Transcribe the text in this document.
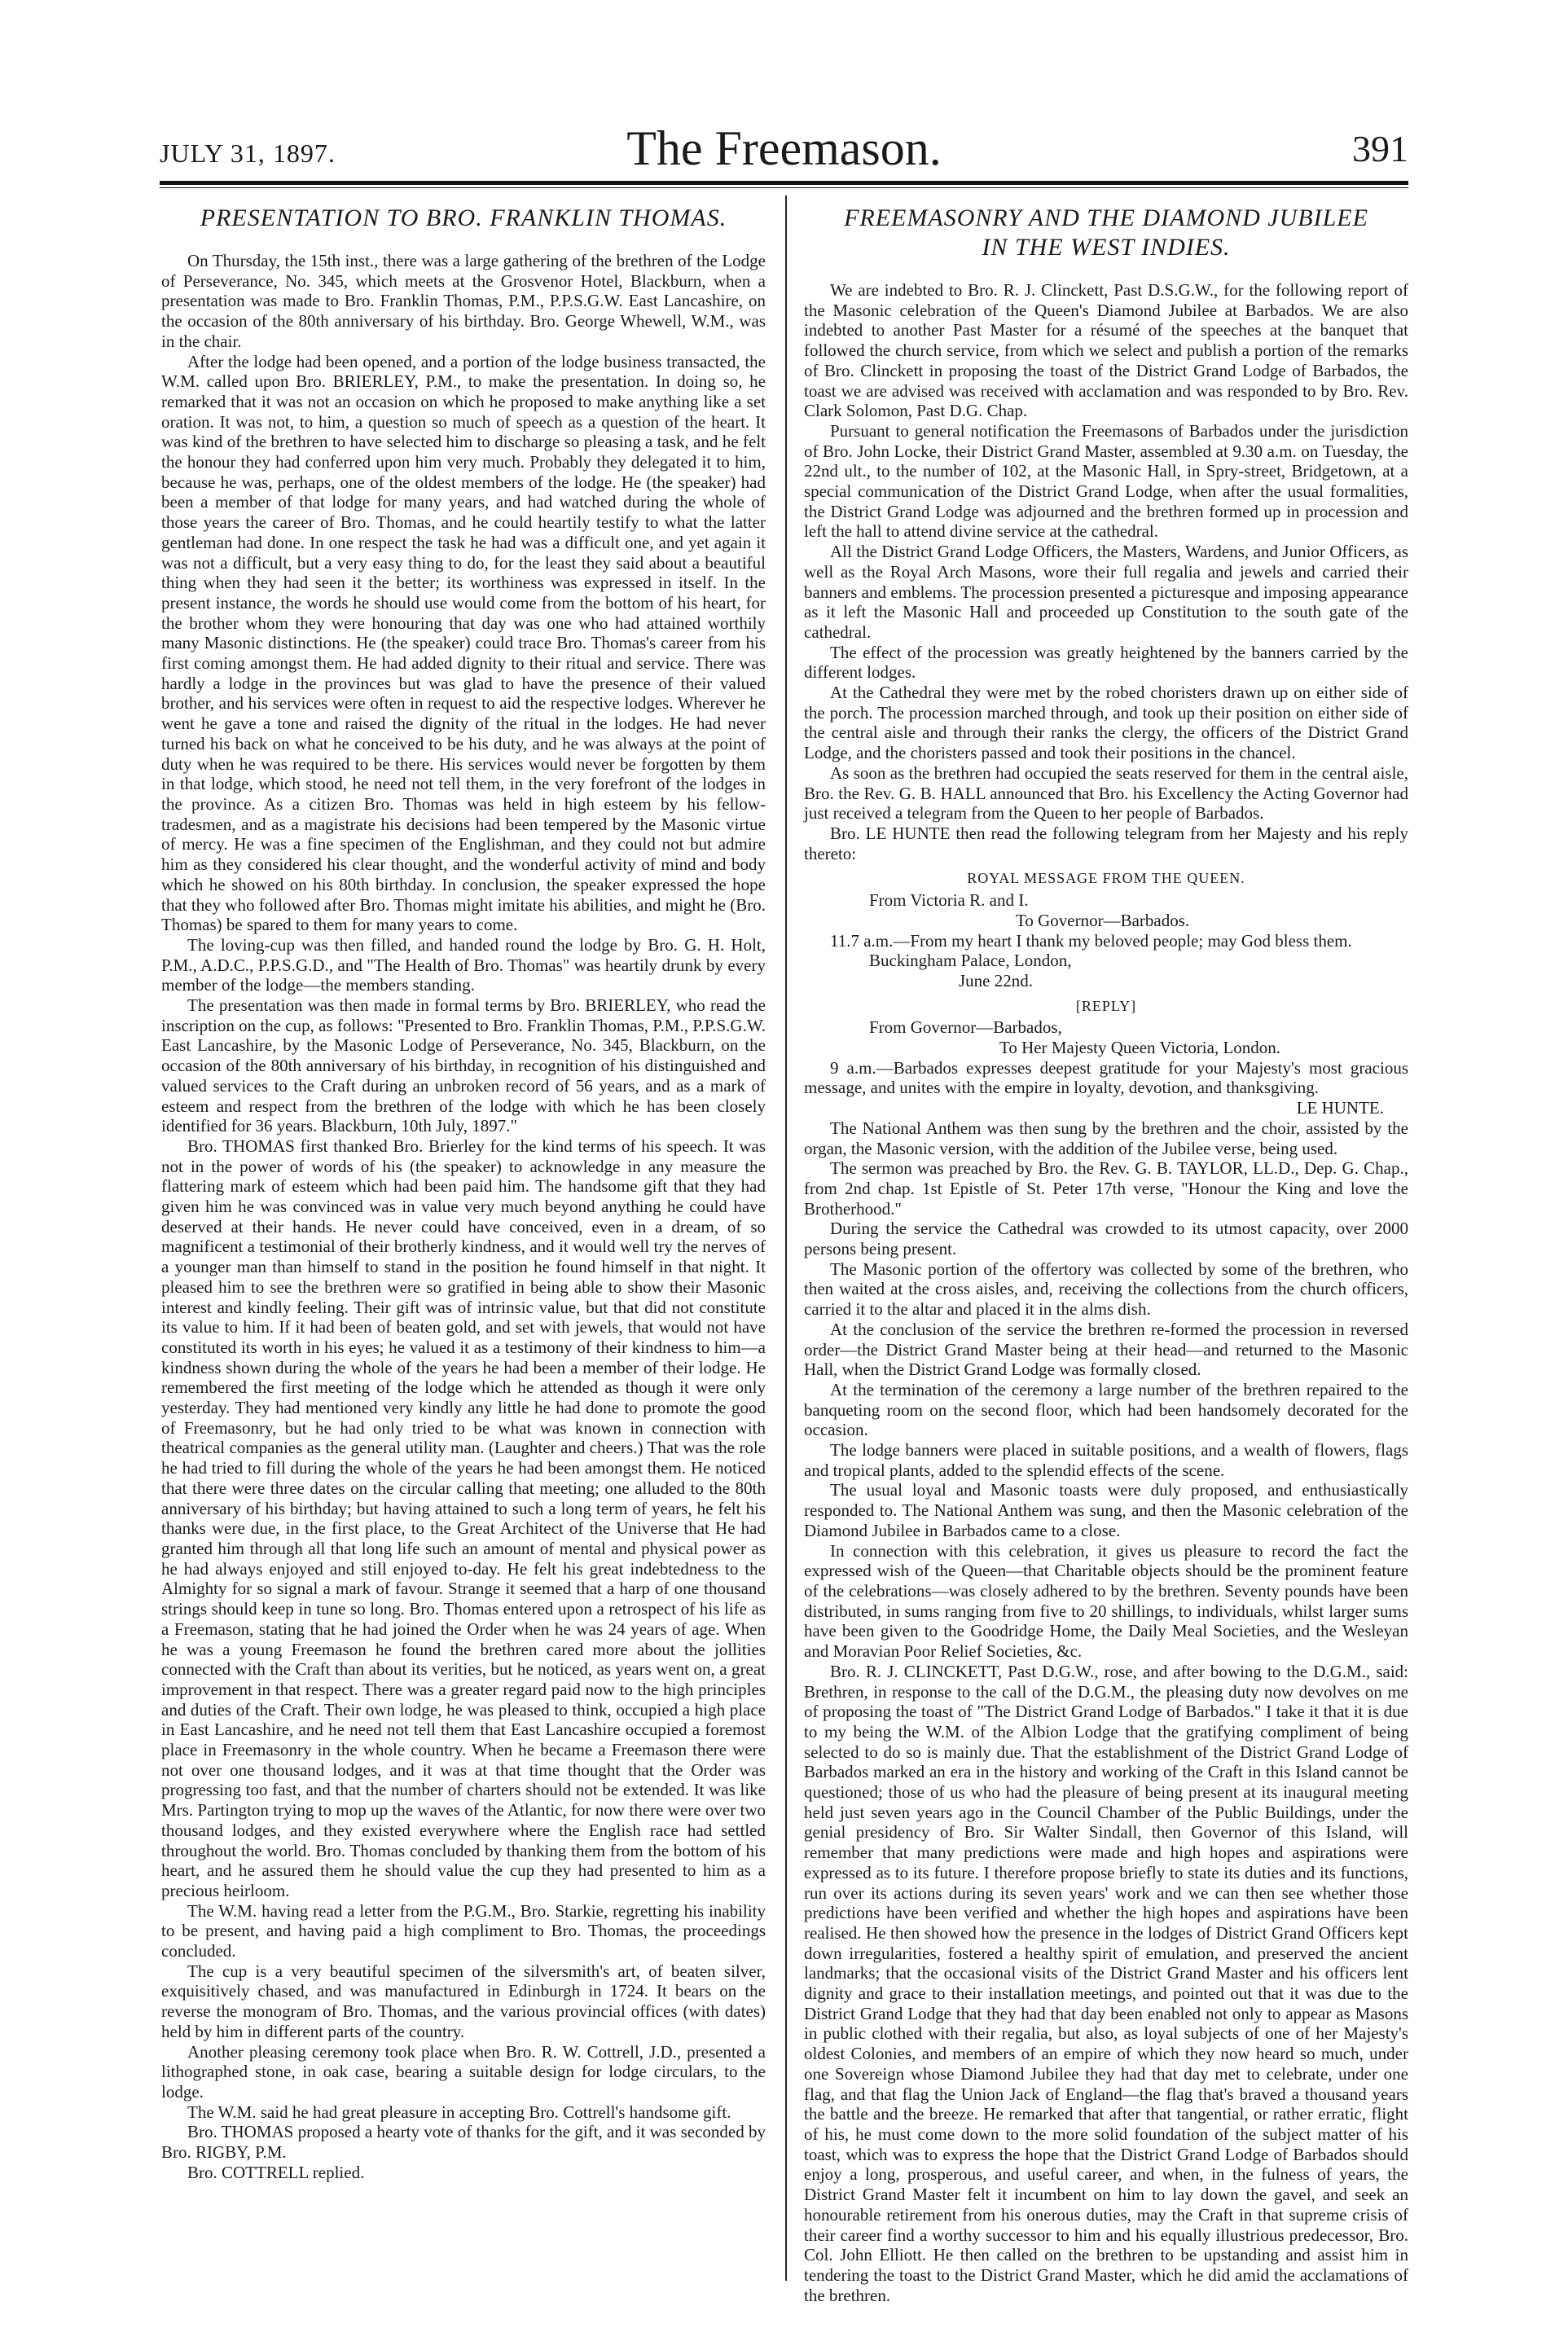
JULY 31, 1897.	The Freemason.	391
PRESENTATION TO BRO. FRANKLIN THOMAS.

On Thursday, the 15th inst., there was a large gathering of the brethren of the Lodge of Perseverance, No. 345, which meets at the Grosvenor Hotel, Blackburn, when a presentation was made to Bro. Franklin Thomas, P.M., P.P.S.G.W. East Lancashire, on the occasion of the 80th anniversary of his birthday. Bro. George Whewell, W.M., was in the chair.

After the lodge had been opened, and a portion of the lodge business transacted, the W.M. called upon Bro. BRIERLEY, P.M., to make the presentation. In doing so, he remarked that it was not an occasion on which he proposed to make anything like a set oration. It was not, to him, a question so much of speech as a question of the heart. It was kind of the brethren to have selected him to discharge so pleasing a task, and he felt the honour they had conferred upon him very much. Probably they delegated it to him, because he was, perhaps, one of the oldest members of the lodge. He (the speaker) had been a member of that lodge for many years, and had watched during the whole of those years the career of Bro. Thomas, and he could heartily testify to what the latter gentleman had done. In one respect the task he had was a difficult one, and yet again it was not a difficult, but a very easy thing to do, for the least they said about a beautiful thing when they had seen it the better; its worthiness was expressed in itself. In the present instance, the words he should use would come from the bottom of his heart, for the brother whom they were honouring that day was one who had attained worthily many Masonic distinctions. He (the speaker) could trace Bro. Thomas's career from his first coming amongst them. He had added dignity to their ritual and service. There was hardly a lodge in the provinces but was glad to have the presence of their valued brother, and his services were often in request to aid the respective lodges. Wherever he went he gave a tone and raised the dignity of the ritual in the lodges. He had never turned his back on what he conceived to be his duty, and he was always at the point of duty when he was required to be there. His services would never be forgotten by them in that lodge, which stood, he need not tell them, in the very forefront of the lodges in the province. As a citizen Bro. Thomas was held in high esteem by his fellow-tradesmen, and as a magistrate his decisions had been tempered by the Masonic virtue of mercy. He was a fine specimen of the Englishman, and they could not but admire him as they considered his clear thought, and the wonderful activity of mind and body which he showed on his 80th birthday. In conclusion, the speaker expressed the hope that they who followed after Bro. Thomas might imitate his abilities, and might he (Bro. Thomas) be spared to them for many years to come.

The loving-cup was then filled, and handed round the lodge by Bro. G. H. Holt, P.M., A.D.C., P.P.S.G.D., and "The Health of Bro. Thomas" was heartily drunk by every member of the lodge—the members standing.

The presentation was then made in formal terms by Bro. BRIERLEY, who read the inscription on the cup, as follows: "Presented to Bro. Franklin Thomas, P.M., P.P.S.G.W. East Lancashire, by the Masonic Lodge of Perseverance, No. 345, Blackburn, on the occasion of the 80th anniversary of his birthday, in recognition of his distinguished and valued services to the Craft during an unbroken record of 56 years, and as a mark of esteem and respect from the brethren of the lodge with which he has been closely identified for 36 years. Blackburn, 10th July, 1897."

Bro. THOMAS first thanked Bro. Brierley for the kind terms of his speech. It was not in the power of words of his (the speaker) to acknowledge in any measure the flattering mark of esteem which had been paid him. The handsome gift that they had given him he was convinced was in value very much beyond anything he could have deserved at their hands. He never could have conceived, even in a dream, of so magnificent a testimonial of their brotherly kindness, and it would well try the nerves of a younger man than himself to stand in the position he found himself in that night. It pleased him to see the brethren were so gratified in being able to show their Masonic interest and kindly feeling. Their gift was of intrinsic value, but that did not constitute its value to him. If it had been of beaten gold, and set with jewels, that would not have constituted its worth in his eyes; he valued it as a testimony of their kindness to him—a kindness shown during the whole of the years he had been a member of their lodge. He remembered the first meeting of the lodge which he attended as though it were only yesterday. They had mentioned very kindly any little he had done to promote the good of Freemasonry, but he had only tried to be what was known in connection with theatrical companies as the general utility man. (Laughter and cheers.) That was the role he had tried to fill during the whole of the years he had been amongst them. He noticed that there were three dates on the circular calling that meeting; one alluded to the 80th anniversary of his birthday; but having attained to such a long term of years, he felt his thanks were due, in the first place, to the Great Architect of the Universe that He had granted him through all that long life such an amount of mental and physical power as he had always enjoyed and still enjoyed to-day. He felt his great indebtedness to the Almighty for so signal a mark of favour. Strange it seemed that a harp of one thousand strings should keep in tune so long. Bro. Thomas entered upon a retrospect of his life as a Freemason, stating that he had joined the Order when he was 24 years of age. When he was a young Freemason he found the brethren cared more about the jollities connected with the Craft than about its verities, but he noticed, as years went on, a great improvement in that respect. There was a greater regard paid now to the high principles and duties of the Craft. Their own lodge, he was pleased to think, occupied a high place in East Lancashire, and he need not tell them that East Lancashire occupied a foremost place in Freemasonry in the whole country. When he became a Freemason there were not over one thousand lodges, and it was at that time thought that the Order was progressing too fast, and that the number of charters should not be extended. It was like Mrs. Partington trying to mop up the waves of the Atlantic, for now there were over two thousand lodges, and they existed everywhere where the English race had settled throughout the world. Bro. Thomas concluded by thanking them from the bottom of his heart, and he assured them he should value the cup they had presented to him as a precious heirloom.

The W.M. having read a letter from the P.G.M., Bro. Starkie, regretting his inability to be present, and having paid a high compliment to Bro. Thomas, the proceedings concluded.

The cup is a very beautiful specimen of the silversmith's art, of beaten silver, exquisitively chased, and was manufactured in Edinburgh in 1724. It bears on the reverse the monogram of Bro. Thomas, and the various provincial offices (with dates) held by him in different parts of the country.

Another pleasing ceremony took place when Bro. R. W. Cottrell, J.D., presented a lithographed stone, in oak case, bearing a suitable design for lodge circulars, to the lodge.

The W.M. said he had great pleasure in accepting Bro. Cottrell's handsome gift.

Bro. THOMAS proposed a hearty vote of thanks for the gift, and it was seconded by Bro. RIGBY, P.M.

Bro. COTTRELL replied.

FREEMASONRY AND THE DIAMOND JUBILEE
IN THE WEST INDIES.

We are indebted to Bro. R. J. Clinckett, Past D.S.G.W., for the following report of the Masonic celebration of the Queen's Diamond Jubilee at Barbados. We are also indebted to another Past Master for a résumé of the speeches at the banquet that followed the church service, from which we select and publish a portion of the remarks of Bro. Clinckett in proposing the toast of the District Grand Lodge of Barbados, the toast we are advised was received with acclamation and was responded to by Bro. Rev. Clark Solomon, Past D.G. Chap.

Pursuant to general notification the Freemasons of Barbados under the jurisdiction of Bro. John Locke, their District Grand Master, assembled at 9.30 a.m. on Tuesday, the 22nd ult., to the number of 102, at the Masonic Hall, in Spry-street, Bridgetown, at a special communication of the District Grand Lodge, when after the usual formalities, the District Grand Lodge was adjourned and the brethren formed up in procession and left the hall to attend divine service at the cathedral.

All the District Grand Lodge Officers, the Masters, Wardens, and Junior Officers, as well as the Royal Arch Masons, wore their full regalia and jewels and carried their banners and emblems. The procession presented a picturesque and imposing appearance as it left the Masonic Hall and proceeded up Constitution to the south gate of the cathedral.

The effect of the procession was greatly heightened by the banners carried by the different lodges.

At the Cathedral they were met by the robed choristers drawn up on either side of the porch. The procession marched through, and took up their position on either side of the central aisle and through their ranks the clergy, the officers of the District Grand Lodge, and the choristers passed and took their positions in the chancel.

As soon as the brethren had occupied the seats reserved for them in the central aisle, Bro. the Rev. G. B. HALL announced that Bro. his Excellency the Acting Governor had just received a telegram from the Queen to her people of Barbados.

Bro. LE HUNTE then read the following telegram from her Majesty and his reply thereto:

ROYAL MESSAGE FROM THE QUEEN.

From Victoria R. and I.

To Governor—Barbados.

11.7 a.m.—From my heart I thank my beloved people; may God bless them.

Buckingham Palace, London,

June 22nd.

[REPLY]

From Governor—Barbados,

To Her Majesty Queen Victoria, London.

9 a.m.—Barbados expresses deepest gratitude for your Majesty's most gracious message, and unites with the empire in loyalty, devotion, and thanksgiving.

LE HUNTE.

The National Anthem was then sung by the brethren and the choir, assisted by the organ, the Masonic version, with the addition of the Jubilee verse, being used.

The sermon was preached by Bro. the Rev. G. B. TAYLOR, LL.D., Dep. G. Chap., from 2nd chap. 1st Epistle of St. Peter 17th verse, "Honour the King and love the Brotherhood."

During the service the Cathedral was crowded to its utmost capacity, over 2000 persons being present.

The Masonic portion of the offertory was collected by some of the brethren, who then waited at the cross aisles, and, receiving the collections from the church officers, carried it to the altar and placed it in the alms dish.

At the conclusion of the service the brethren re-formed the procession in reversed order—the District Grand Master being at their head—and returned to the Masonic Hall, when the District Grand Lodge was formally closed.

At the termination of the ceremony a large number of the brethren repaired to the banqueting room on the second floor, which had been handsomely decorated for the occasion.

The lodge banners were placed in suitable positions, and a wealth of flowers, flags and tropical plants, added to the splendid effects of the scene.

The usual loyal and Masonic toasts were duly proposed, and enthusiastically responded to. The National Anthem was sung, and then the Masonic celebration of the Diamond Jubilee in Barbados came to a close.

In connection with this celebration, it gives us pleasure to record the fact the expressed wish of the Queen—that Charitable objects should be the prominent feature of the celebrations—was closely adhered to by the brethren. Seventy pounds have been distributed, in sums ranging from five to 20 shillings, to individuals, whilst larger sums have been given to the Goodridge Home, the Daily Meal Societies, and the Wesleyan and Moravian Poor Relief Societies, &c.

Bro. R. J. CLINCKETT, Past D.G.W., rose, and after bowing to the D.G.M., said: Brethren, in response to the call of the D.G.M., the pleasing duty now devolves on me of proposing the toast of "The District Grand Lodge of Barbados." I take it that it is due to my being the W.M. of the Albion Lodge that the gratifying compliment of being selected to do so is mainly due. That the establishment of the District Grand Lodge of Barbados marked an era in the history and working of the Craft in this Island cannot be questioned; those of us who had the pleasure of being present at its inaugural meeting held just seven years ago in the Council Chamber of the Public Buildings, under the genial presidency of Bro. Sir Walter Sindall, then Governor of this Island, will remember that many predictions were made and high hopes and aspirations were expressed as to its future. I therefore propose briefly to state its duties and its functions, run over its actions during its seven years' work and we can then see whether those predictions have been verified and whether the high hopes and aspirations have been realised. He then showed how the presence in the lodges of District Grand Officers kept down irregularities, fostered a healthy spirit of emulation, and preserved the ancient landmarks; that the occasional visits of the District Grand Master and his officers lent dignity and grace to their installation meetings, and pointed out that it was due to the District Grand Lodge that they had that day been enabled not only to appear as Masons in public clothed with their regalia, but also, as loyal subjects of one of her Majesty's oldest Colonies, and members of an empire of which they now heard so much, under one Sovereign whose Diamond Jubilee they had that day met to celebrate, under one flag, and that flag the Union Jack of England—the flag that's braved a thousand years the battle and the breeze. He remarked that after that tangential, or rather erratic, flight of his, he must come down to the more solid foundation of the subject matter of his toast, which was to express the hope that the District Grand Lodge of Barbados should enjoy a long, prosperous, and useful career, and when, in the fulness of years, the District Grand Master felt it incumbent on him to lay down the gavel, and seek an honourable retirement from his onerous duties, may the Craft in that supreme crisis of their career find a worthy successor to him and his equally illustrious predecessor, Bro. Col. John Elliott. He then called on the brethren to be upstanding and assist him in tendering the toast to the District Grand Master, which he did amid the acclamations of the brethren.
